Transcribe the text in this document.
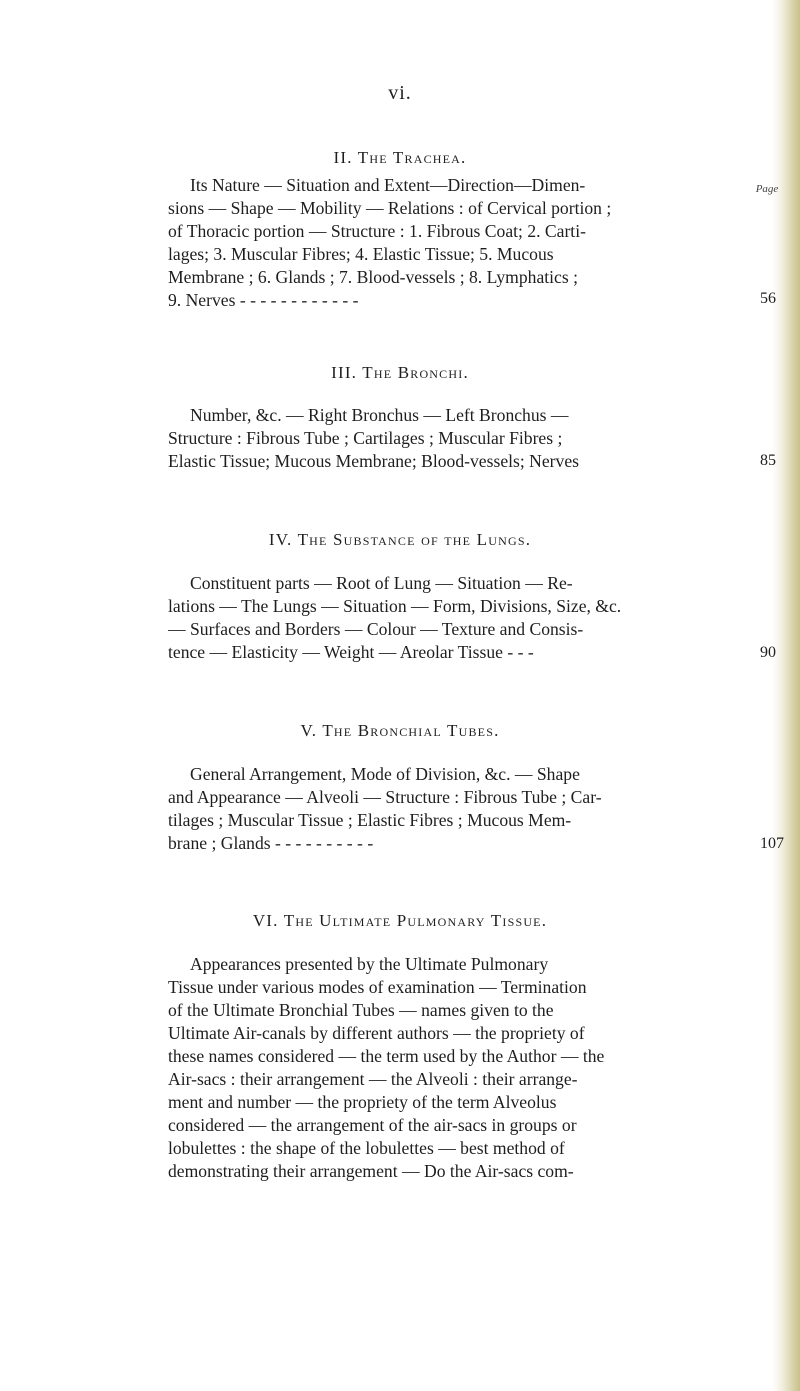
vi.
Page
II. The Trachea.
Its Nature — Situation and Extent—Direction—Dimen-
sions — Shape — Mobility — Relations : of Cervical portion ;
of Thoracic portion — Structure : 1. Fibrous Coat; 2. Carti-
lages; 3. Muscular Fibres; 4. Elastic Tissue; 5. Mucous
Membrane ; 6. Glands ; 7. Blood-vessels ; 8. Lymphatics ;
9. Nerves - - - - - - - - - - - -	56
III. The Bronchi.
Number, &c. — Right Bronchus — Left Bronchus —
Structure : Fibrous Tube ; Cartilages ; Muscular Fibres ;
Elastic Tissue; Mucous Membrane; Blood-vessels; Nerves	85
IV. The Substance of the Lungs.
Constituent parts — Root of Lung — Situation — Re-
lations — The Lungs — Situation — Form, Divisions, Size, &c.
— Surfaces and Borders — Colour — Texture and Consis-
tence — Elasticity — Weight — Areolar Tissue - - -	90
V. The Bronchial Tubes.
General Arrangement, Mode of Division, &c. — Shape
and Appearance — Alveoli — Structure : Fibrous Tube ; Car-
tilages ; Muscular Tissue ; Elastic Fibres ; Mucous Mem-
brane ; Glands - - - - - - - - - -	107
VI. The Ultimate Pulmonary Tissue.
Appearances presented by the Ultimate Pulmonary
Tissue under various modes of examination — Termination
of the Ultimate Bronchial Tubes — names given to the
Ultimate Air-canals by different authors — the propriety of
these names considered — the term used by the Author — the
Air-sacs : their arrangement — the Alveoli : their arrange-
ment and number — the propriety of the term Alveolus
considered — the arrangement of the air-sacs in groups or
lobulettes : the shape of the lobulettes — best method of
demonstrating their arrangement — Do the Air-sacs com-
